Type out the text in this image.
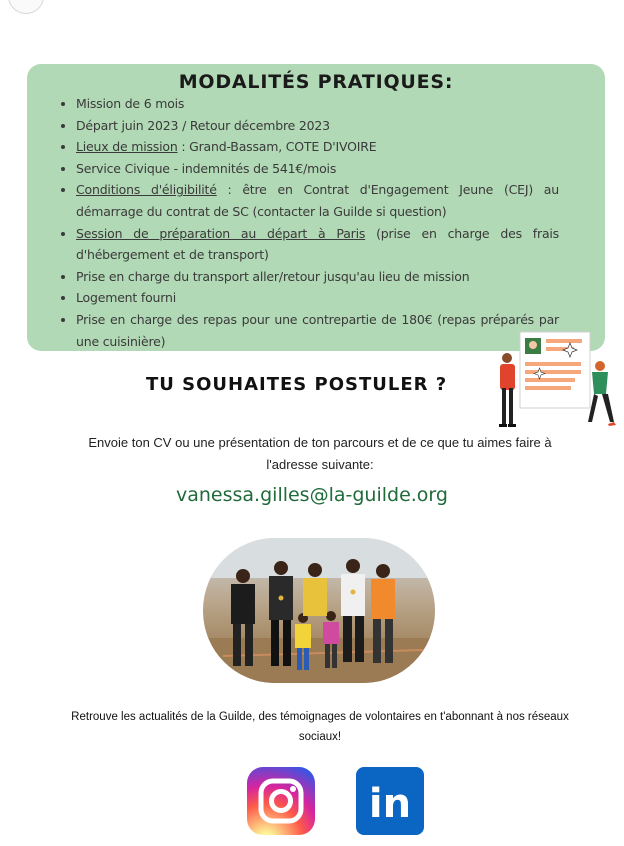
MODALITÉS PRATIQUES:
• Mission de 6 mois
• Départ juin 2023 / Retour décembre 2023
• Lieux de mission : Grand-Bassam, COTE D'IVOIRE
• Service Civique - indemnités de 541€/mois
• Conditions d'éligibilité : être en Contrat d'Engagement Jeune (CEJ) au démarrage du contrat de SC (contacter la Guilde si question)
• Session de préparation au départ à Paris (prise en charge des frais d'hébergement et de transport)
• Prise en charge du transport aller/retour jusqu'au lieu de mission
• Logement fourni
• Prise en charge des repas pour une contrepartie de 180€ (repas préparés par une cuisinière)
TU SOUHAITES POSTULER ?

Envoie ton CV ou une présentation de ton parcours et de ce que tu aimes faire à l'adresse suivante:

vanessa.gilles@la-guilde.org

Retrouve les actualités de la Guilde, des témoignages de volontaires en t'abonnant à nos réseaux sociaux!

in
